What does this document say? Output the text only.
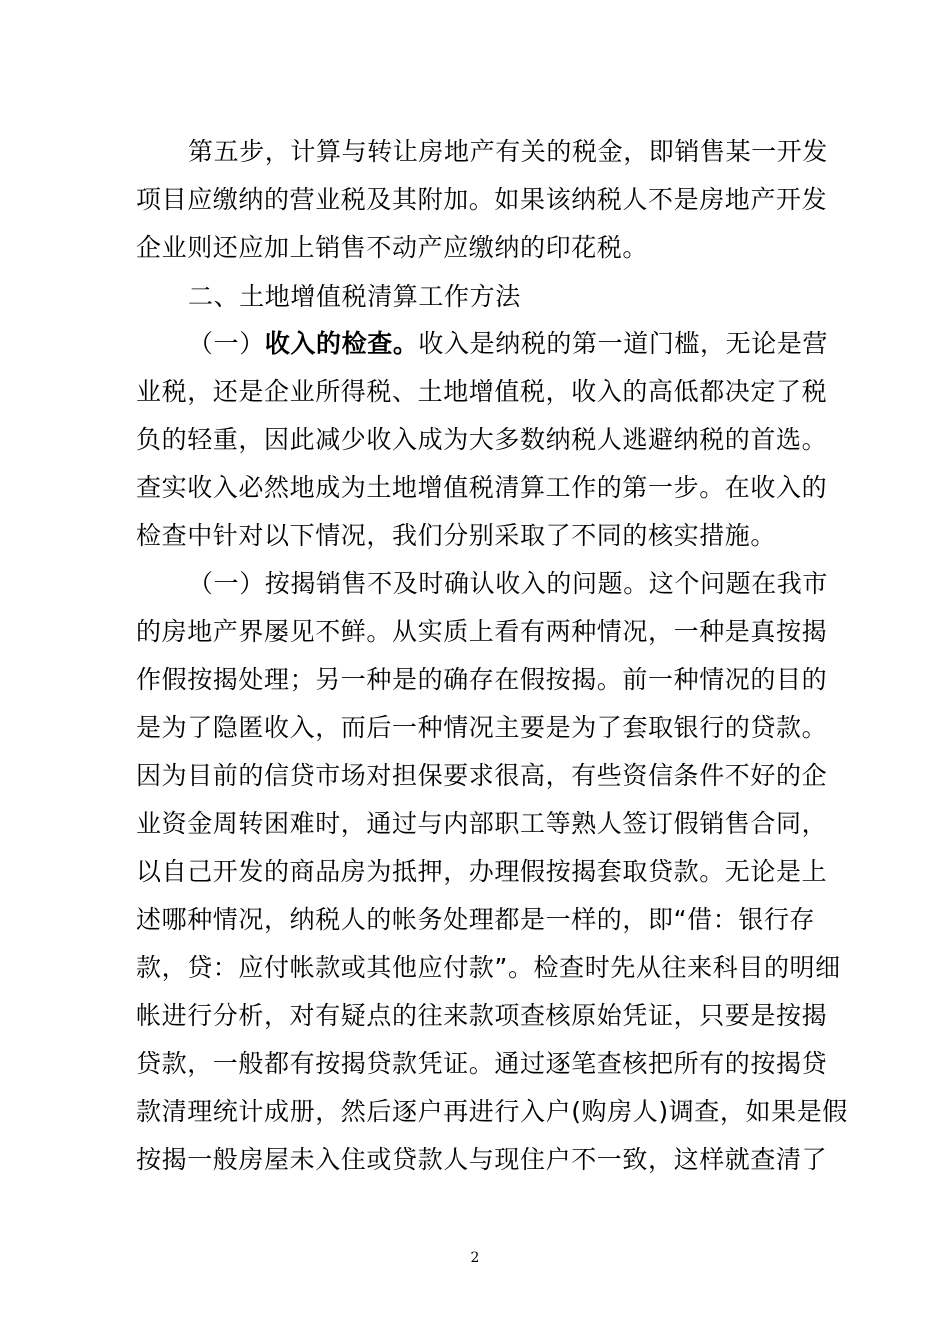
第五步，计算与转让房地产有关的税金，即销售某一开发
项目应缴纳的营业税及其附加。如果该纳税人不是房地产开发
企业则还应加上销售不动产应缴纳的印花税。
二、土地增值税清算工作方法
（一）收入的检查。收入是纳税的第一道门槛，无论是营
业税，还是企业所得税、土地增值税，收入的高低都决定了税
负的轻重，因此减少收入成为大多数纳税人逃避纳税的首选。
查实收入必然地成为土地增值税清算工作的第一步。在收入的
检查中针对以下情况，我们分别采取了不同的核实措施。
（一）按揭销售不及时确认收入的问题。这个问题在我市
的房地产界屡见不鲜。从实质上看有两种情况，一种是真按揭
作假按揭处理；另一种是的确存在假按揭。前一种情况的目的
是为了隐匿收入，而后一种情况主要是为了套取银行的贷款。
因为目前的信贷市场对担保要求很高，有些资信条件不好的企
业资金周转困难时，通过与内部职工等熟人签订假销售合同，
以自己开发的商品房为抵押，办理假按揭套取贷款。无论是上
述哪种情况，纳税人的帐务处理都是一样的，即“借：银行存
款，贷：应付帐款或其他应付款”。检查时先从往来科目的明细
帐进行分析，对有疑点的往来款项查核原始凭证，只要是按揭
贷款，一般都有按揭贷款凭证。通过逐笔查核把所有的按揭贷
款清理统计成册，然后逐户再进行入户(购房人)调查，如果是假
按揭一般房屋未入住或贷款人与现住户不一致，这样就查清了
2
